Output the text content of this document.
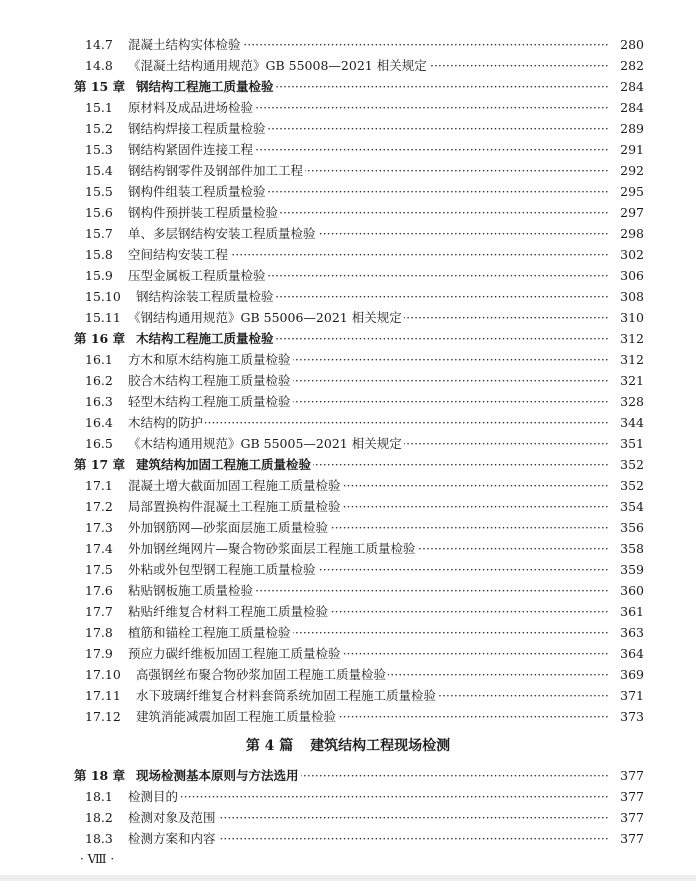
14.7 混凝土结构实体检验 ·····	280
14.8 《混凝土结构通用规范》GB 55008—2021 相关规定 ·····	282
第 15 章 钢结构工程施工质量检验 ·····	284
15.1 原材料及成品进场检验 ·····	284
15.2 钢结构焊接工程质量检验 ·····	289
15.3 钢结构紧固件连接工程 ·····	291
15.4 钢结构钢零件及钢部件加工工程 ·····	292
15.5 钢构件组装工程质量检验 ·····	295
15.6 钢构件预拼装工程质量检验 ·····	297
15.7 单、多层钢结构安装工程质量检验 ·····	298
15.8 空间结构安装工程 ·····	302
15.9 压型金属板工程质量检验 ·····	306
15.10 钢结构涂装工程质量检验 ·····	308
15.11 《钢结构通用规范》GB 55006—2021 相关规定 ·····	310
第 16 章 木结构工程施工质量检验 ·····	312
16.1 方木和原木结构施工质量检验 ·····	312
16.2 胶合木结构工程施工质量检验 ·····	321
16.3 轻型木结构工程施工质量检验 ·····	328
16.4 木结构的防护 ·····	344
16.5 《木结构通用规范》GB 55005—2021 相关规定 ·····	351
第 17 章 建筑结构加固工程施工质量检验 ·····	352
17.1 混凝土增大截面加固工程施工质量检验 ·····	352
17.2 局部置换构件混凝土工程施工质量检验 ·····	354
17.3 外加钢筋网—砂浆面层施工质量检验 ·····	356
17.4 外加钢丝绳网片—聚合物砂浆面层工程施工质量检验 ·····	358
17.5 外粘或外包型钢工程施工质量检验 ·····	359
17.6 粘贴钢板施工质量检验 ·····	360
17.7 粘贴纤维复合材料工程施工质量检验 ·····	361
17.8 植筋和锚栓工程施工质量检验 ·····	363
17.9 预应力碳纤维板加固工程施工质量检验 ·····	364
17.10 高强钢丝布聚合物砂浆加固工程施工质量检验 ·····	369
17.11 水下玻璃纤维复合材料套筒系统加固工程施工质量检验 ·····	371
17.12 建筑消能减震加固工程施工质量检验 ·····	373
第 4 篇 建筑结构工程现场检测
第 18 章 现场检测基本原则与方法选用 ·····	377
18.1 检测目的 ·····	377
18.2 检测对象及范围 ·····	377
18.3 检测方案和内容 ·····	377
· Ⅷ ·
